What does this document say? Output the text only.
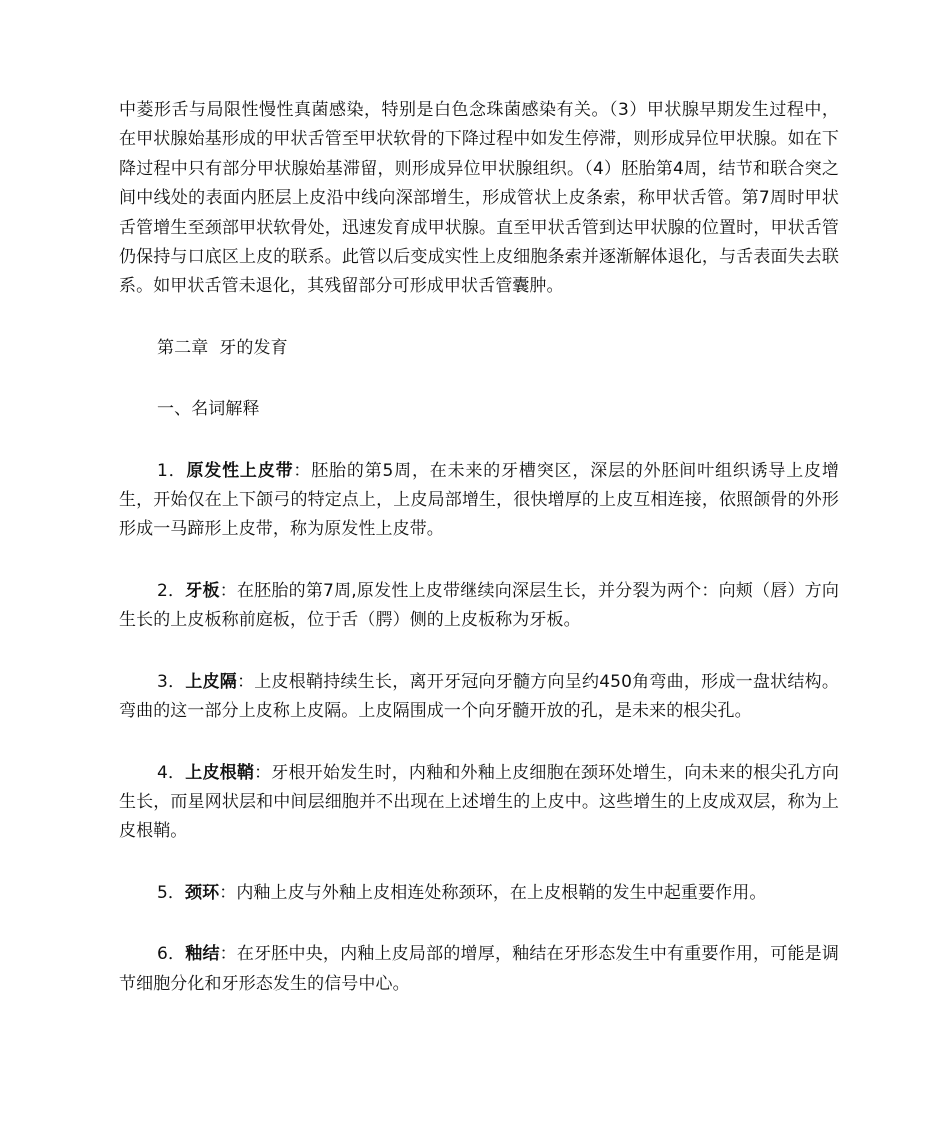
中菱形舌与局限性慢性真菌感染，特别是白色念珠菌感染有关。（3）甲状腺早期发生过程中，在甲状腺始基形成的甲状舌管至甲状软骨的下降过程中如发生停滞，则形成异位甲状腺。如在下降过程中只有部分甲状腺始基滞留，则形成异位甲状腺组织。（4）胚胎第4周，结节和联合突之间中线处的表面内胚层上皮沿中线向深部增生，形成管状上皮条索，称甲状舌管。第7周时甲状舌管增生至颈部甲状软骨处，迅速发育成甲状腺。直至甲状舌管到达甲状腺的位置时，甲状舌管仍保持与口底区上皮的联系。此管以后变成实性上皮细胞条索并逐渐解体退化，与舌表面失去联系。如甲状舌管未退化，其残留部分可形成甲状舌管囊肿。

第二章  牙的发育

一、名词解释

1．原发性上皮带：胚胎的第5周，在未来的牙槽突区，深层的外胚间叶组织诱导上皮增生，开始仅在上下颌弓的特定点上，上皮局部增生，很快增厚的上皮互相连接，依照颌骨的外形形成一马蹄形上皮带，称为原发性上皮带。

2．牙板：在胚胎的第7周,原发性上皮带继续向深层生长，并分裂为两个：向颊（唇）方向生长的上皮板称前庭板，位于舌（腭）侧的上皮板称为牙板。

3．上皮隔：上皮根鞘持续生长，离开牙冠向牙髓方向呈约450角弯曲，形成一盘状结构。弯曲的这一部分上皮称上皮隔。上皮隔围成一个向牙髓开放的孔，是未来的根尖孔。

4．上皮根鞘：牙根开始发生时，内釉和外釉上皮细胞在颈环处增生，向未来的根尖孔方向生长，而星网状层和中间层细胞并不出现在上述增生的上皮中。这些增生的上皮成双层，称为上皮根鞘。

5．颈环：内釉上皮与外釉上皮相连处称颈环，在上皮根鞘的发生中起重要作用。

6．釉结：在牙胚中央，内釉上皮局部的增厚，釉结在牙形态发生中有重要作用，可能是调节细胞分化和牙形态发生的信号中心。
